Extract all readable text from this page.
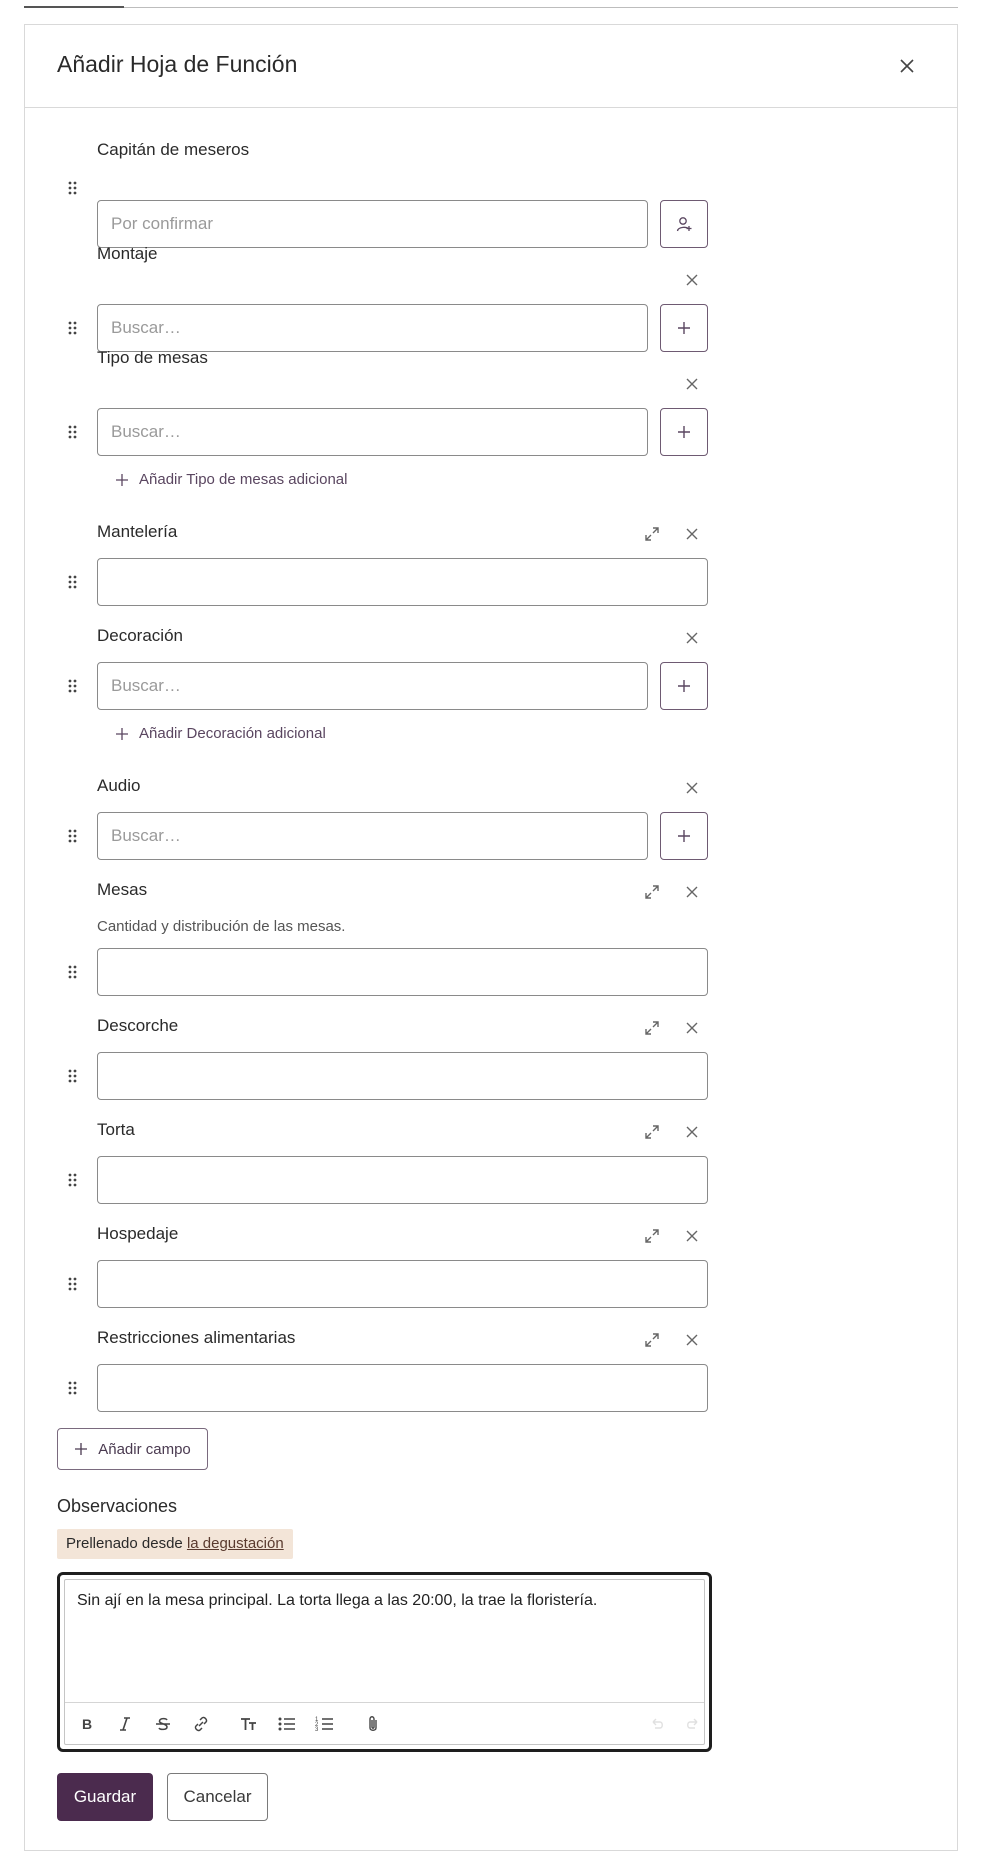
Añadir Hoja de Función
Capitán de meseros
Por confirmar
Montaje
Buscar…
Tipo de mesas
Buscar…
Añadir Tipo de mesas adicional
Mantelería
Decoración
Buscar…
Añadir Decoración adicional
Audio
Buscar…
Mesas
Cantidad y distribución de las mesas.
Descorche
Torta
Hospedaje
Restricciones alimentarias
Añadir campo
Observaciones
Prellenado desde la degustación
Sin ají en la mesa principal. La torta llega a las 20:00, la trae la floristería.
B	1
2
3
Guardar	Cancelar
